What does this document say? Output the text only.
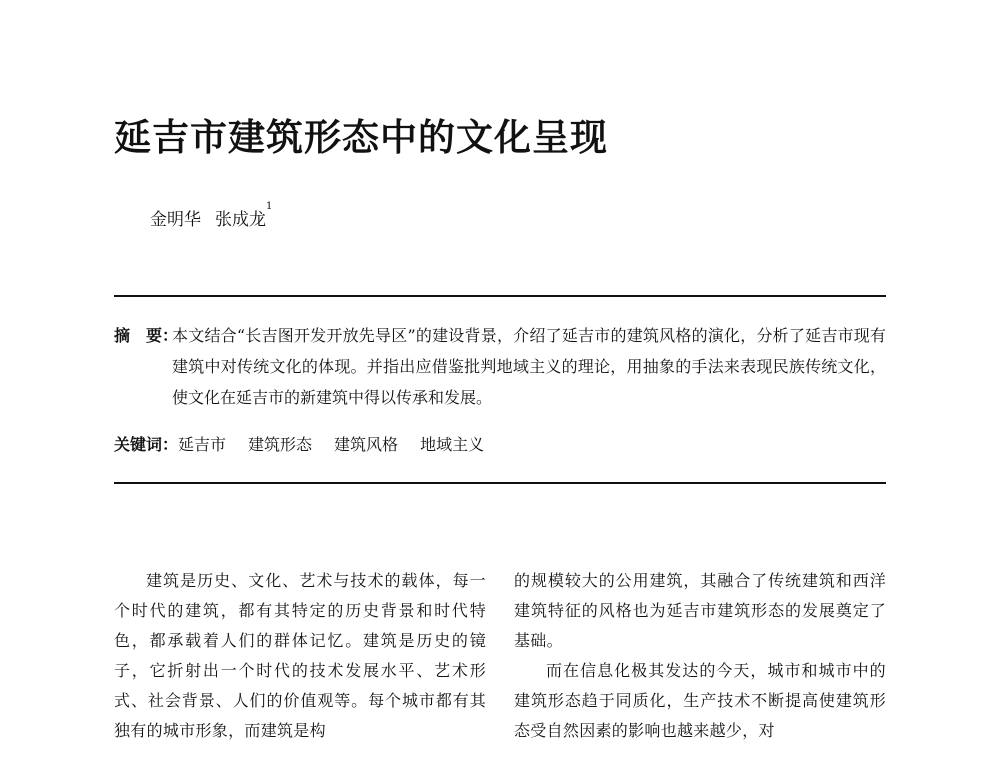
延吉市建筑形态中的文化呈现
金明华 张成龙$^1$
摘　要：
本文结合“长吉图开发开放先导区”的建设背景，介绍了延吉市的建筑风格的演化，分析了延吉市现有建筑中对传统文化的体现。并指出应借鉴批判地域主义的理论，用抽象的手法来表现民族传统文化，使文化在延吉市的新建筑中得以传承和发展。
关键词：延吉市 建筑形态 建筑风格 地域主义

建筑是历史、文化、艺术与技术的载体，每一个时代的建筑，都有其特定的历史背景和时代特色，都承载着人们的群体记忆。建筑是历史的镜子，它折射出一个时代的技术发展水平、艺术形式、社会背景、人们的价值观等。每个城市都有其独有的城市形象，而建筑是构

的规模较大的公用建筑，其融合了传统建筑和西洋建筑特征的风格也为延吉市建筑形态的发展奠定了基础。

而在信息化极其发达的今天，城市和城市中的建筑形态趋于同质化，生产技术不断提高使建筑形态受自然因素的影响也越来越少，对
